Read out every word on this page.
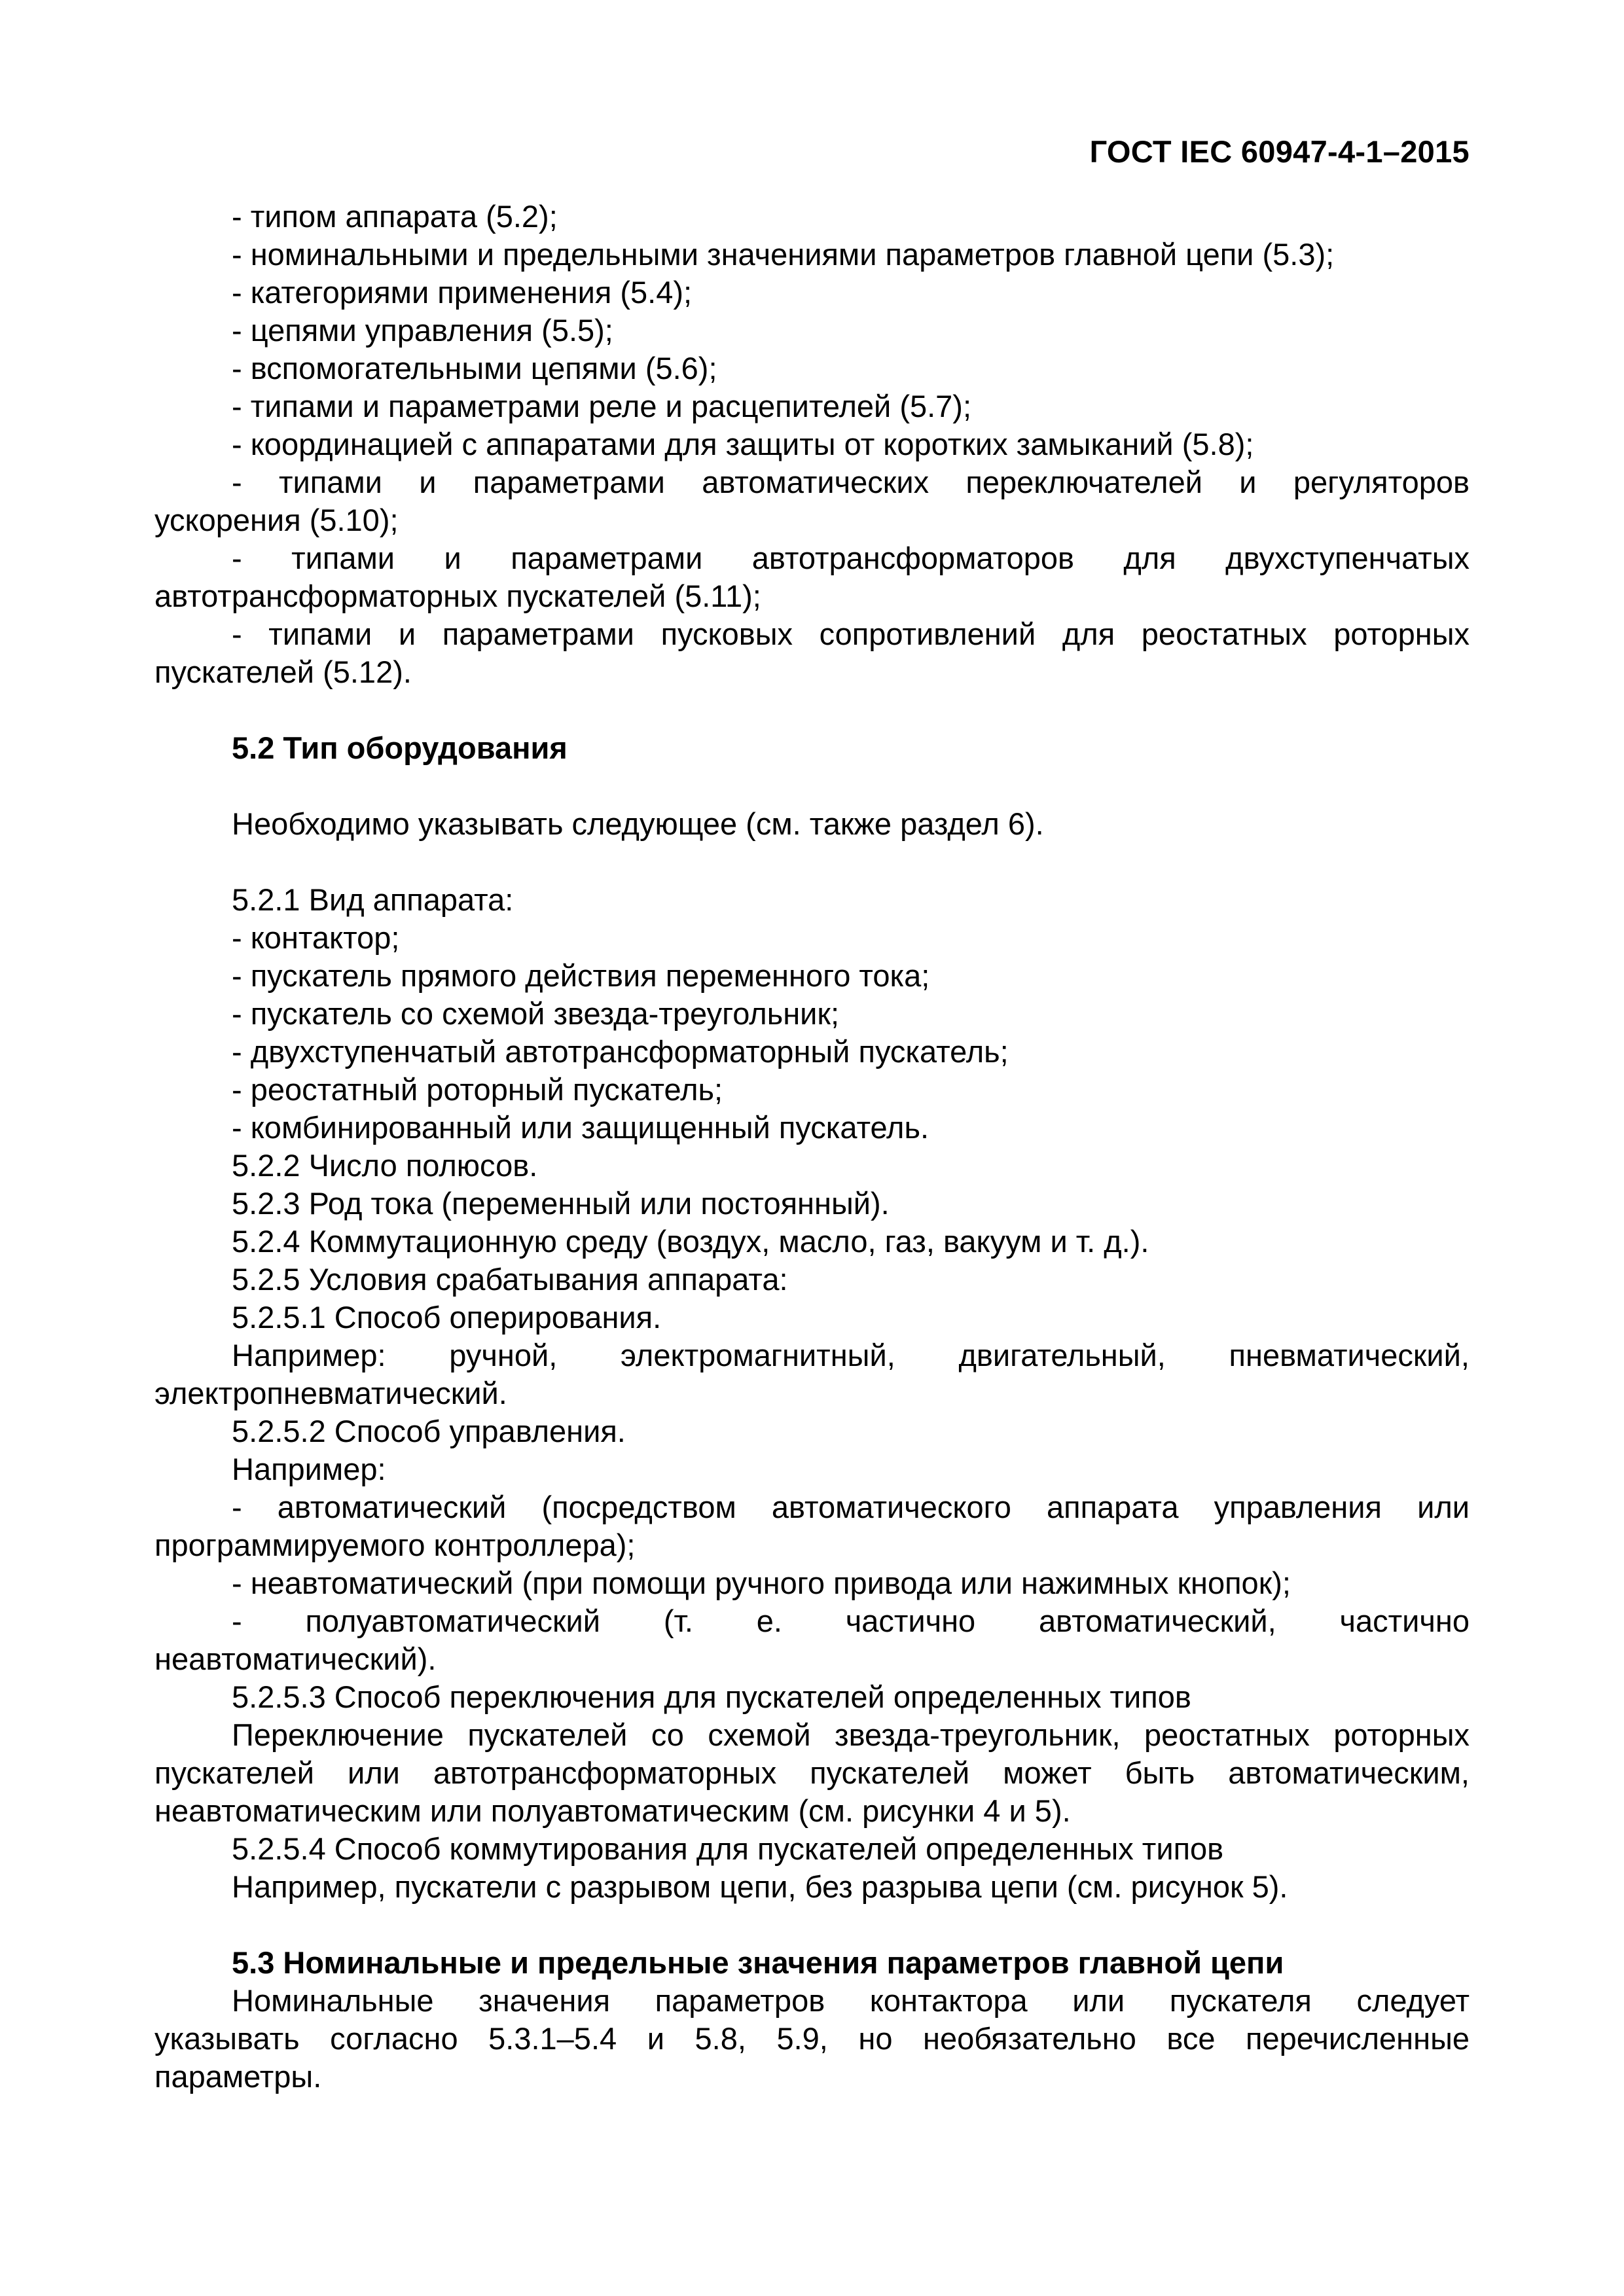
ГОСТ IEC 60947-4-1–2015
- типом аппарата (5.2);
- номинальными и предельными значениями параметров главной цепи (5.3);
- категориями применения (5.4);
- цепями управления (5.5);
- вспомогательными цепями (5.6);
- типами и параметрами реле и расцепителей (5.7);
- координацией с аппаратами для защиты от коротких замыканий (5.8);
- типами и параметрами автоматических переключателей и регуляторов
ускорения (5.10);
- типами и параметрами автотрансформаторов для двухступенчатых
автотрансформаторных пускателей (5.11);
- типами и параметрами пусковых сопротивлений для реостатных роторных
пускателей (5.12).
5.2 Тип оборудования
Необходимо указывать следующее (см. также раздел 6).
5.2.1 Вид аппарата:
- контактор;
- пускатель прямого действия переменного тока;
- пускатель со схемой звезда-треугольник;
- двухступенчатый автотрансформаторный пускатель;
- реостатный роторный пускатель;
- комбинированный или защищенный пускатель.
5.2.2 Число полюсов.
5.2.3 Род тока (переменный или постоянный).
5.2.4 Коммутационную среду (воздух, масло, газ, вакуум и т. д.).
5.2.5 Условия срабатывания аппарата:
5.2.5.1 Способ оперирования.
Например: ручной, электромагнитный, двигательный, пневматический,
электропневматический.
5.2.5.2 Способ управления.
Например:
- автоматический (посредством автоматического аппарата управления или
программируемого контроллера);
- неавтоматический (при помощи ручного привода или нажимных кнопок);
- полуавтоматический (т. е. частично автоматический, частично
неавтоматический).
5.2.5.3 Способ переключения для пускателей определенных типов
Переключение пускателей со схемой звезда-треугольник, реостатных роторных
пускателей или автотрансформаторных пускателей может быть автоматическим,
неавтоматическим или полуавтоматическим (см. рисунки 4 и 5).
5.2.5.4 Способ коммутирования для пускателей определенных типов
Например, пускатели с разрывом цепи, без разрыва цепи (см. рисунок 5).
5.3 Номинальные и предельные значения параметров главной цепи
Номинальные значения параметров контактора или пускателя следует
указывать согласно 5.3.1–5.4 и 5.8, 5.9, но необязательно все перечисленные
параметры.
